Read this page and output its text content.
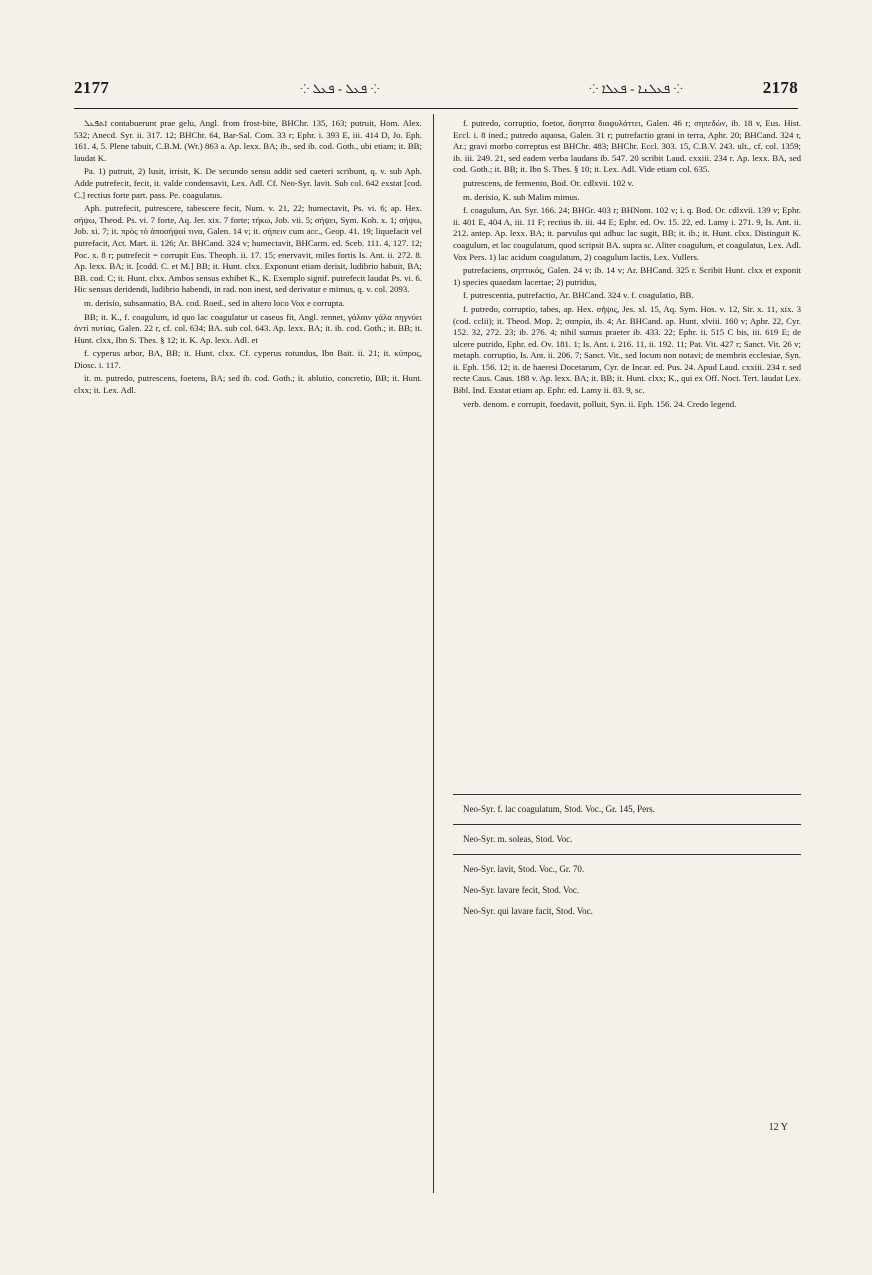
2177	⁘ ܦܥܠ - ܦܥܠ ⁘	⁘ ܦܥܠܢܐ - ܦܥܠܐ ⁘	2178

ܐܬܦܥܠ contabuerunt prae gelu, Angl. from frost-bite, BHChr. 135, 163; putruit, Hom. Alex. 532; Anecd. Syr. ii. 317. 12; BHChr. 64, Bar-Sal. Com. 33 r; Ephr. i. 393 E, iii. 414 D, Jo. Eph. 161. 4, 5. Plene tabuit, C.B.M. (Wr.) 863 a. Ap. lexx. BA; ib., sed ib. cod. Goth., ubi etiam; it. BB; laudat K.

Pa. 1) putruit, 2) lusit, irrisit, K. De secundo sensu addit sed caeteri scribunt, q. v. sub Aph. Adde putrefecit, fecit, it. valde condensavit, Lex. Adl. Cf. Neo-Syr. lavit. Sub col. 642 exstat [cod. C.] rectius forte part. pass. Pe. coagulatus.

Aph. putrefecit, putrescere, tabescere fecit, Num. v. 21, 22; humectavit, Ps. vi. 6; ap. Hex. σήψω, Theod. Ps. vi. 7 forte, Aq. Jer. xix. 7 forte; τήκω, Job. vii. 5; σήψει, Sym. Koh. x. 1; σήψω, Job. xi. 7; it. πρὸς τὸ ἀποσήψαί τινα, Galen. 14 v; it. σήπειν cum acc., Geop. 41. 19; liquefacit vel putrefacit, Act. Mart. ii. 126; Ar. BHCand. 324 v; humectavit, BHCarm. ed. Sceb. 111. 4, 127. 12; Poc. x. 8 r; putrefecit = corrupit Eus. Theoph. ii. 17. 15; enervavit, miles fortis Is. Ant. ii. 272. 8. Ap. lexx. BA; it. [codd. C. et M.] BB; it. Hunt. clxx. Exponunt etiam derisit, ludibrio habuit, BA; BB. cod. C; it. Hunt. clxx. Ambos sensus exhibet K., K. Exemplo signif. putrefecit laudat Ps. vi. 6. Hic sensus deridendi, ludibrio habendi, in rad. non inest, sed derivatur e mimus, q. v. col. 2093.

m. derisio, subsannatio, BA. cod. Roed., sed in altero loco Vox e corrupta.

BB; it. K., f. coagulum, id quo lac coagulatur ut caseus fit, Angl. rennet, γάλαιν γάλα πηγνύει ἀντὶ πυτίας, Galen. 22 r, cf. col. 634; BA. sub col. 643. Ap. lexx. BA; it. ib. cod. Goth.; it. BB; it. Hunt. clxx, Ibn S. Thes. § 12; it. K. Ap. lexx. Adl. et

f. cyperus arbor, BA, BB; it. Hunt. clxx. Cf. cyperus rotundus, Ibn Bait. ii. 21; it. κύπρος, Diosc. i. 117.

it. m. putredo, putrescens, foetens, BA; sed ib. cod. Goth.; it. ablutio, concretio, BB; it. Hunt. clxx; it. Lex. Adl.

f. putredo, corruptio, foetor, ἄσηπτα διαφυλάττει, Galen. 46 r; σηπεδὼν, ib. 18 v, Eus. Hist. Eccl. i. 8 ined.; putredo aquosa, Galen. 31 r; putrefactio grani in terra, Aphr. 20; BHCand. 324 r, Ar.; gravi morbo correptus est BHChr. 483; BHChr. Eccl. 303. 15, C.B.V. 243. ult., cf. col. 1359; ib. iii. 249. 21, sed eadem verba laudans ib. 547. 20 scribit Laud. cxxiii. 234 r. Ap. lexx. BA, sed cod. Goth.; it. BB; it. Ibn S. Thes. § 10; it. Lex. Adl. Vide etiam col. 635.

putrescens, de fermento, Bod. Or. cdlxvii. 102 v.

m. derisio, K. sub Malim mimus.

f. coagulum, An. Syr. 166. 24; BHGr. 403 r; BHNom. 102 v; i. q. Bod. Or. cdlxvii. 139 v; Ephr. ii. 401 E, 404 A, iii. 11 F; rectius ib. iii. 44 E; Ephr. ed. Ov. 15. 22, ed. Lamy i. 271. 9, Is. Ant. ii. 212. antep. Ap. lexx. BA; it. parvulus qui adhuc lac sugit, BB; it. ib.; it. Hunt. clxx. Distinguit K. coagulum, et lac coagulatum, quod scripsit BA. supra sc. Aliter coagulum, et coagulatus, Lex. Adl. Vox Pers. 1) lac acidum coagulatum, 2) coagulum lactis, Lex. Vullers.

putrefaciens, σηπτικός, Galen. 24 v; ib. 14 v; Ar. BHCand. 325 r. Scribit Hunt. clxx et exponit 1) species quaedam lacertae; 2) putridus,

f. putrescentia, putrefactio, Ar. BHCand. 324 v. f. coagulatio, BB.

f. putredo, corruptio, tabes, ap. Hex. σῆψις, Jes. xl. 15, Aq. Sym. Hos. v. 12, Sir. x. 11, xix. 3 (cod. cclii); it. Theod. Mop. 2; σαπρία, ib. 4; Ar. BHCand. ap. Hunt. xlviii. 160 v; Aphr. 22, Cyr. 152. 32, 272. 23; ib. 276. 4; nihil sumus praeter ib. 433. 22; Ephr. ii. 515 C bis, iii. 619 E; de ulcere putrido, Ephr. ed. Ov. 181. 1; Is. Ant. i. 216. 11, ii. 192. 11; Pat. Vit. 427 r; Sanct. Vit. 26 v; metaph. corruptio, Is. Ant. ii. 206. 7; Sanct. Vit., sed locum non notavi; de membris ecclesiae, Syn. ii. Eph. 156. 12; it. de haeresi Docetarum, Cyr. de Incar. ed. Pus. 24. Apud Laud. cxxiii. 234 r. sed recte Caus. Caus. 188 v. Ap. lexx. BA; it. BB; it. Hunt. clxx; K., qui ex Off. Noct. Tert. laudat Lex. Bibl. Ind. Exstat etiam ap. Ephr. ed. Lamy ii. 83. 9, sc.

verb. denom. e corrupit, foedavit, polluit, Syn. ii. Eph. 156. 24. Credo legend.

Neo-Syr. f. lac coagulatum, Stod. Voc., Gr. 145, Pers.

Neo-Syr. m. soleas, Stod. Voc.

Neo-Syr. lavit, Stod. Voc., Gr. 70.

Neo-Syr. lavare fecit, Stod. Voc.

Neo-Syr. qui lavare facit, Stod. Voc.

12 Y
